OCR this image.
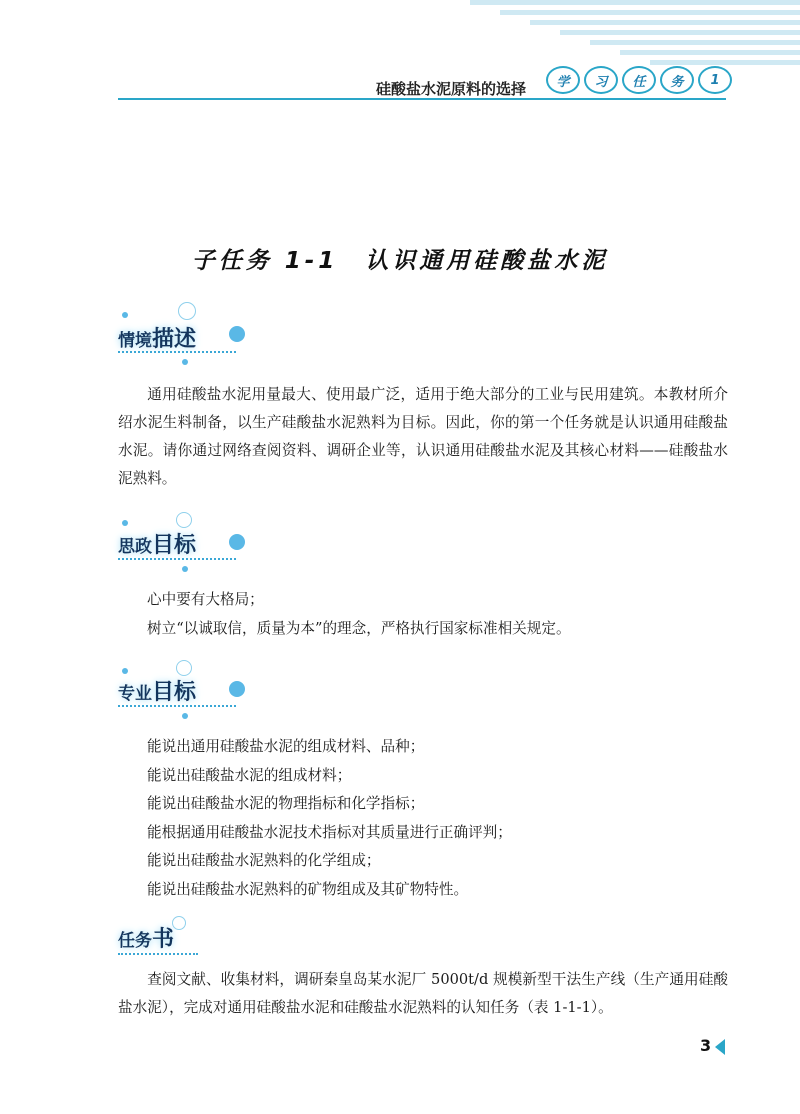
硅酸盐水泥原料的选择	学	习	任	务	1
子任务 1-1　认识通用硅酸盐水泥
情境描述
通用硅酸盐水泥用量最大、使用最广泛，适用于绝大部分的工业与民用建筑。本教材所介绍水泥生料制备，以生产硅酸盐水泥熟料为目标。因此，你的第一个任务就是认识通用硅酸盐水泥。请你通过网络查阅资料、调研企业等，认识通用硅酸盐水泥及其核心材料——硅酸盐水泥熟料。
思政目标
心中要有大格局；
树立“以诚取信，质量为本”的理念，严格执行国家标准相关规定。
专业目标
能说出通用硅酸盐水泥的组成材料、品种；
能说出硅酸盐水泥的组成材料；
能说出硅酸盐水泥的物理指标和化学指标；
能根据通用硅酸盐水泥技术指标对其质量进行正确评判；
能说出硅酸盐水泥熟料的化学组成；
能说出硅酸盐水泥熟料的矿物组成及其矿物特性。
任务书
查阅文献、收集材料，调研秦皇岛某水泥厂 5000t/d 规模新型干法生产线（生产通用硅酸盐水泥），完成对通用硅酸盐水泥和硅酸盐水泥熟料的认知任务（表 1-1-1）。
3
